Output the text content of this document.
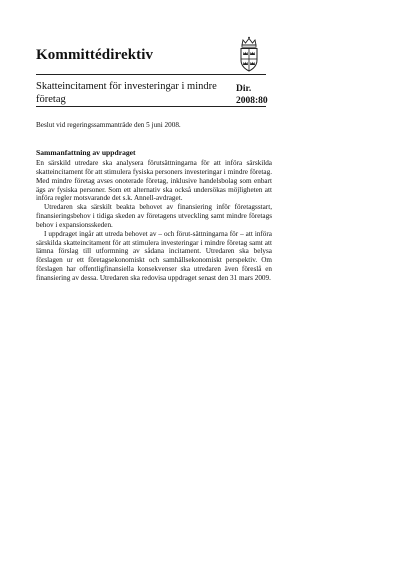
Kommittédirektiv
Skatteincitament för investeringar i mindre företag
Dir.
2008:80

Beslut vid regeringssammanträde den 5 juni 2008.

Sammanfattning av uppdraget

En särskild utredare ska analysera förutsättningarna för att införa särskilda skatteincitament för att stimulera fysiska personers investeringar i mindre företag. Med mindre företag avses onoterade företag, inklusive handelsbolag som enbart ägs av fysiska personer. Som ett alternativ ska också undersökas möjligheten att införa regler motsvarande det s.k. Annell-avdraget.

Utredaren ska särskilt beakta behovet av finansiering inför företagsstart, finansieringsbehov i tidiga skeden av företagens utveckling samt mindre företags behov i expansionsskeden.

I uppdraget ingår att utreda behovet av – och förut-sättningarna för – att införa särskilda skatteincitament för att stimulera investeringar i mindre företag samt att lämna förslag till utformning av sådana incitament. Utredaren ska belysa förslagen ur ett företagsekonomiskt och samhällsekonomiskt perspektiv. Om förslagen har offentligfinansiella konsekvenser ska utredaren även föreslå en finansiering av dessa. Utredaren ska redovisa uppdraget senast den 31 mars 2009.
